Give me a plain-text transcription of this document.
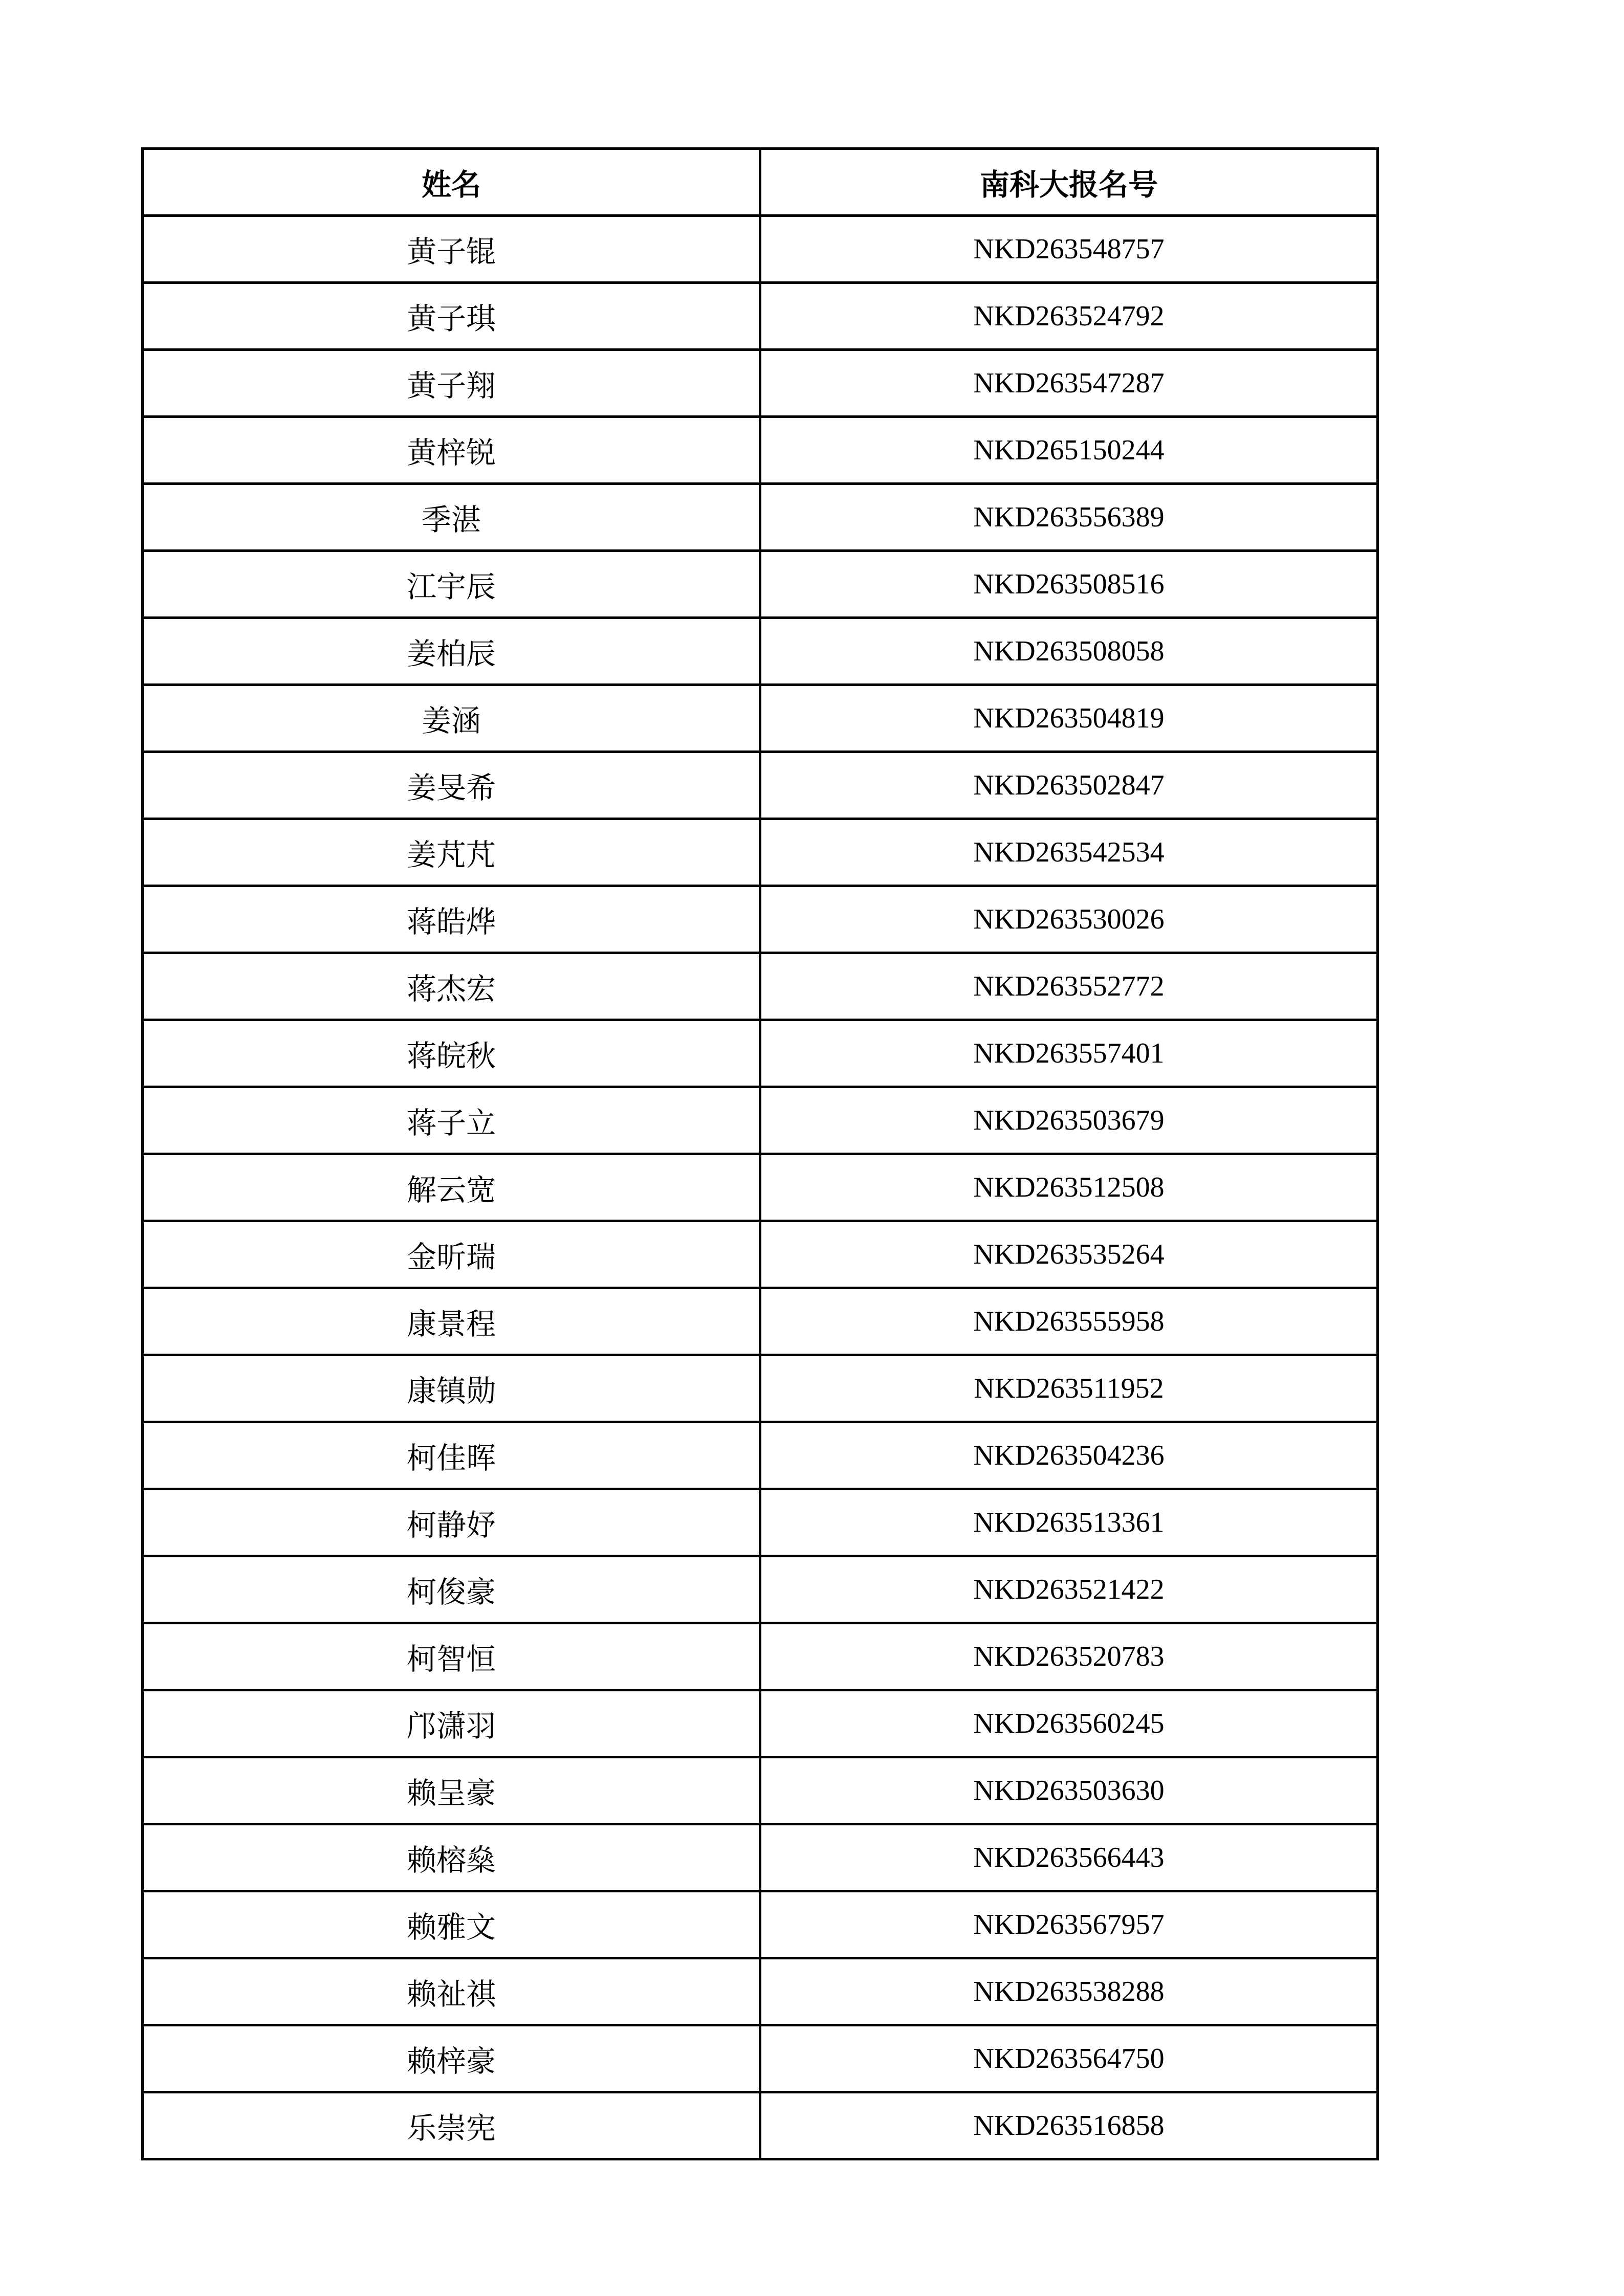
姓名	南科大报名号
黄子锟	NKD263548757
黄子琪	NKD263524792
黄子翔	NKD263547287
黄梓锐	NKD265150244
季湛	NKD263556389
江宇辰	NKD263508516
姜柏辰	NKD263508058
姜涵	NKD263504819
姜旻希	NKD263502847
姜芃芃	NKD263542534
蒋皓烨	NKD263530026
蒋杰宏	NKD263552772
蒋皖秋	NKD263557401
蒋子立	NKD263503679
解云宽	NKD263512508
金昕瑞	NKD263535264
康景程	NKD263555958
康镇勋	NKD263511952
柯佳晖	NKD263504236
柯静妤	NKD263513361
柯俊豪	NKD263521422
柯智恒	NKD263520783
邝潇羽	NKD263560245
赖呈豪	NKD263503630
赖榕燊	NKD263566443
赖雅文	NKD263567957
赖祉祺	NKD263538288
赖梓豪	NKD263564750
乐崇宪	NKD263516858
